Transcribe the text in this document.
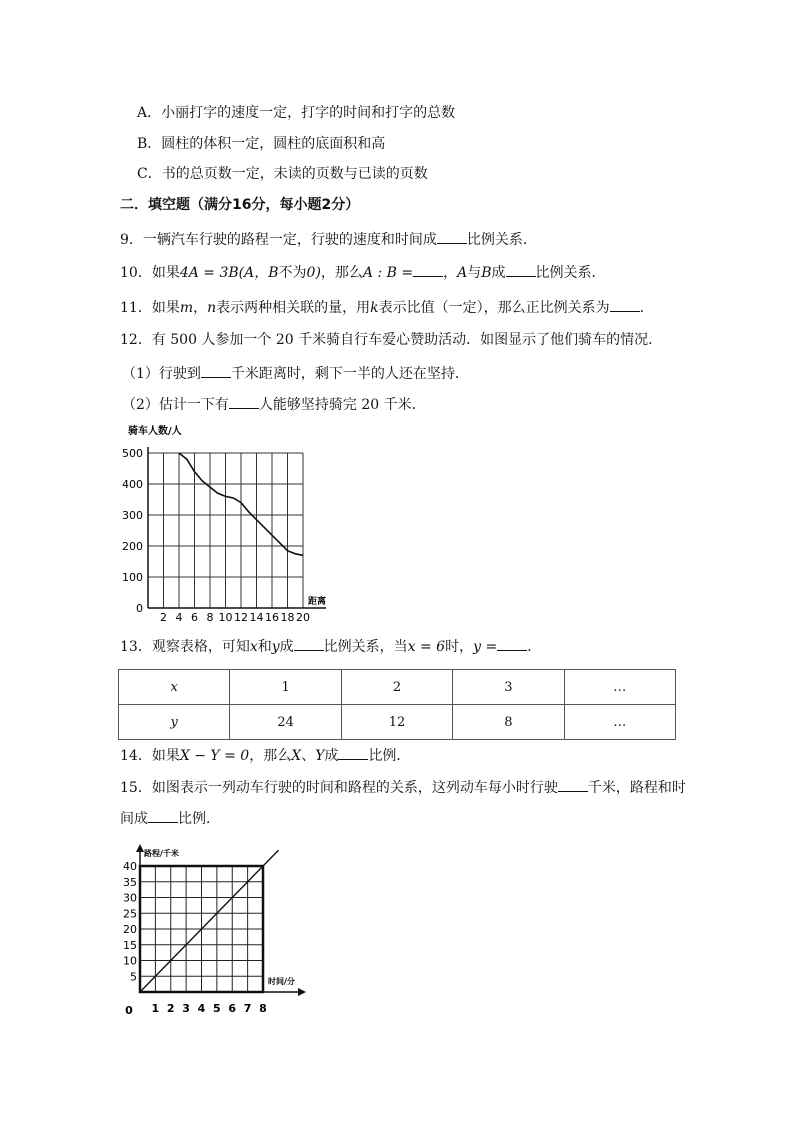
A．小丽打字的速度一定，打字的时间和打字的总数
B．圆柱的体积一定，圆柱的底面积和高
C．书的总页数一定，未读的页数与已读的页数
二．填空题（满分16分，每小题2分）
9．一辆汽车行驶的路程一定，行驶的速度和时间成 比例关系．
10．如果4A = 3B(A，B不为0)，那么A : B = ，A与B成 比例关系．
11．如果m，n表示两种相关联的量，用k表示比值（一定），那么正比例关系为 ．
12．有 500 人参加一个 20 千米骑自行车爱心赞助活动．如图显示了他们骑车的情况．
（1）行驶到 千米距离时，剩下一半的人还在坚持．
（2）估计一下有 人能够坚持骑完 20 千米．
骑车人数/人
0
100
200
300
400
500
2 4 6 8 10 12 14 16 18 20
距离
13．观察表格，可知x和y成 比例关系，当x = 6时，y = ．
x	1	2	3	…
y	24	12	8	…
14．如果X − Y = 0，那么X、Y成 比例．
15．如图表示一列动车行驶的时间和路程的关系，这列动车每小时行驶 千米，路程和时
间成 比例．
路程/千米
5
10
15
20
25
30
35
40
1 2 3 4 5 6 7 8
0
时间/分
